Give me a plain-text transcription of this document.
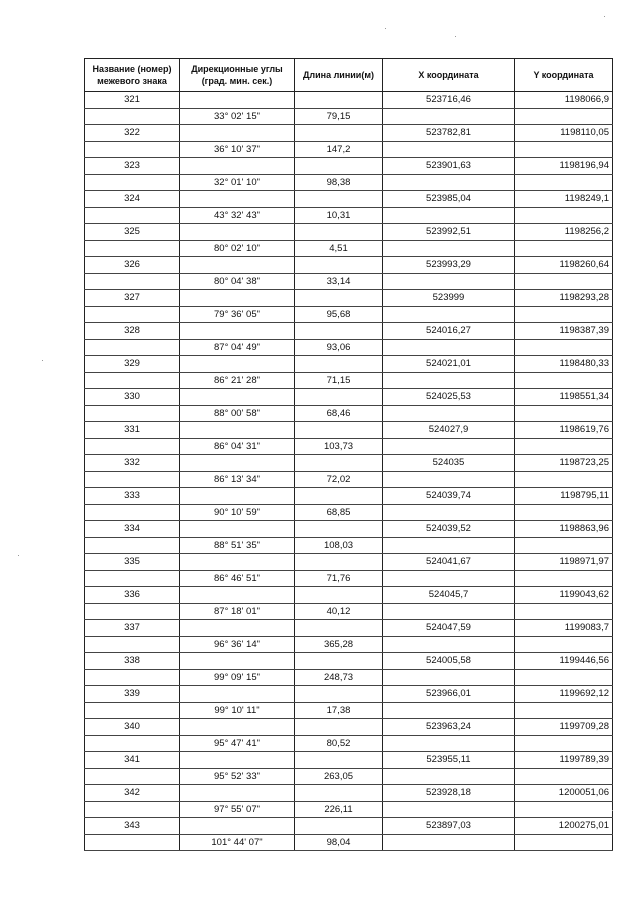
Название (номер) межевого знака	Дирекционные углы (град. мин. сек.)	Длина линии(м)	X координата	Y координата
321			523716,46	1198066,9
	33° 02' 15"	79,15		
322			523782,81	1198110,05
	36° 10' 37"	147,2		
323			523901,63	1198196,94
	32° 01' 10"	98,38		
324			523985,04	1198249,1
	43° 32' 43"	10,31		
325			523992,51	1198256,2
	80° 02' 10"	4,51		
326			523993,29	1198260,64
	80° 04' 38"	33,14		
327			523999	1198293,28
	79° 36' 05"	95,68		
328			524016,27	1198387,39
	87° 04' 49"	93,06		
329			524021,01	1198480,33
	86° 21' 28"	71,15		
330			524025,53	1198551,34
	88° 00' 58"	68,46		
331			524027,9	1198619,76
	86° 04' 31"	103,73		
332			524035	1198723,25
	86° 13' 34"	72,02		
333			524039,74	1198795,11
	90° 10' 59"	68,85		
334			524039,52	1198863,96
	88° 51' 35"	108,03		
335			524041,67	1198971,97
	86° 46' 51"	71,76		
336			524045,7	1199043,62
	87° 18' 01"	40,12		
337			524047,59	1199083,7
	96° 36' 14"	365,28		
338			524005,58	1199446,56
	99° 09' 15"	248,73		
339			523966,01	1199692,12
	99° 10' 11"	17,38		
340			523963,24	1199709,28
	95° 47' 41"	80,52		
341			523955,11	1199789,39
	95° 52' 33"	263,05		
342			523928,18	1200051,06
	97° 55' 07"	226,11		
343			523897,03	1200275,01
	101° 44' 07"	98,04		
